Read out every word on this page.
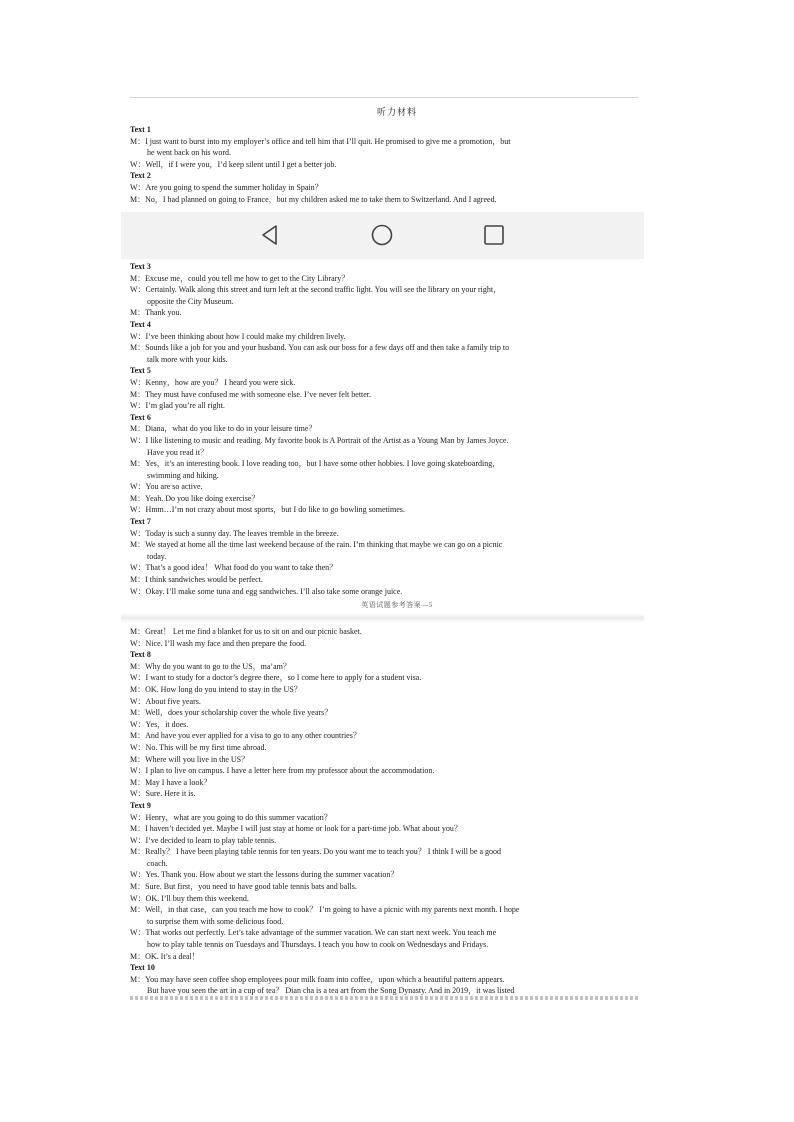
听力材料
Text 1
M：I just want to burst into my employer’s office and tell him that I’ll quit. He promised to give me a promotion，but
he went back on his word.
W：Well，if I were you，I’d keep silent until I get a better job.
Text 2
W：Are you going to spend the summer holiday in Spain？
M：No，I had planned on going to France，but my children asked me to take them to Switzerland. And I agreed.
Text 3
M：Excuse me，could you tell me how to get to the City Library？
W：Certainly. Walk along this street and turn left at the second traffic light. You will see the library on your right，
opposite the City Museum.
M：Thank you.
Text 4
W：I’ve been thinking about how I could make my children lively.
M：Sounds like a job for you and your husband. You can ask our boss for a few days off and then take a family trip to
talk more with your kids.
Text 5
W：Kenny，how are you？ I heard you were sick.
M：They must have confused me with someone else. I’ve never felt better.
W：I’m glad you’re all right.
Text 6
M：Diana，what do you like to do in your leisure time？
W：I like listening to music and reading. My favorite book is A Portrait of the Artist as a Young Man by James Joyce.
Have you read it？
M：Yes，it’s an interesting book. I love reading too，but I have some other hobbies. I love going skateboarding，
swimming and hiking.
W：You are so active.
M：Yeah. Do you like doing exercise？
W：Hmm…I’m not crazy about most sports，but I do like to go bowling sometimes.
Text 7
W：Today is such a sunny day. The leaves tremble in the breeze.
M：We stayed at home all the time last weekend because of the rain. I’m thinking that maybe we can go on a picnic
today.
W：That’s a good idea！ What food do you want to take then？
M：I think sandwiches would be perfect.
W：Okay. I’ll make some tuna and egg sandwiches. I’ll also take some orange juice.
英语试题参考答案—5
M：Great！ Let me find a blanket for us to sit on and our picnic basket.
W：Nice. I’ll wash my face and then prepare the food.
Text 8
M：Why do you want to go to the US，ma’am？
W：I want to study for a doctor’s degree there，so I come here to apply for a student visa.
M：OK. How long do you intend to stay in the US？
W：About five years.
M：Well，does your scholarship cover the whole five years？
W：Yes，it does.
M：And have you ever applied for a visa to go to any other countries？
W：No. This will be my first time abroad.
M：Where will you live in the US？
W：I plan to live on campus. I have a letter here from my professor about the accommodation.
M：May I have a look？
W：Sure. Here it is.
Text 9
W：Henry，what are you going to do this summer vacation？
M：I haven’t decided yet. Maybe I will just stay at home or look for a part-time job. What about you？
W：I’ve decided to learn to play table tennis.
M：Really？ I have been playing table tennis for ten years. Do you want me to teach you？ I think I will be a good
coach.
W：Yes. Thank you. How about we start the lessons during the summer vacation？
M：Sure. But first，you need to have good table tennis bats and balls.
W：OK. I’ll buy them this weekend.
M：Well，in that case，can you teach me how to cook？ I’m going to have a picnic with my parents next month. I hope
to surprise them with some delicious food.
W：That works out perfectly. Let’s take advantage of the summer vacation. We can start next week. You teach me
how to play table tennis on Tuesdays and Thursdays. I teach you how to cook on Wednesdays and Fridays.
M：OK. It’s a deal！
Text 10
M：You may have seen coffee shop employees pour milk foam into coffee，upon which a beautiful pattern appears.
But have you seen the art in a cup of tea？ Dian cha is a tea art from the Song Dynasty. And in 2019，it was listed
